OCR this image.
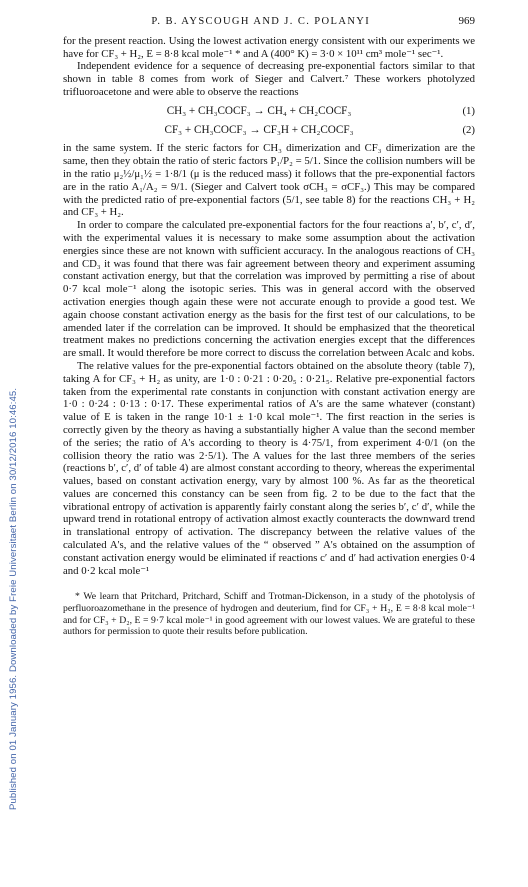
Published on 01 January 1956. Downloaded by Freie Universitaet Berlin on 30/12/2016 10:46:45.
P. B. AYSCOUGH AND J. C. POLANYI	969

for the present reaction. Using the lowest activation energy consistent with our experiments we have for CF₃ + H₂, E = 8·8 kcal mole⁻¹ * and A (400° K) = 3·0 × 10¹¹ cm³ mole⁻¹ sec⁻¹.

Independent evidence for a sequence of decreasing pre-exponential factors similar to that shown in table 8 comes from work of Sieger and Calvert.⁷ These workers photolyzed trifluoroacetone and were able to observe the reactions

CH₃ + CH₃COCF₃ → CH₄ + CH₂COCF₃	(1)
CF₃ + CH₃COCF₃ → CF₃H + CH₂COCF₃	(2)

in the same system. If the steric factors for CH₃ dimerization and CF₃ dimerization are the same, then they obtain the ratio of steric factors P₁/P₂ = 5/1. Since the collision numbers will be in the ratio μ₂½/μ₁½ = 1·8/1 (μ is the reduced mass) it follows that the pre-exponential factors are in the ratio A₁/A₂ = 9/1. (Sieger and Calvert took σCH₃ = σCF₃.) This may be compared with the predicted ratio of pre-exponential factors (5/1, see table 8) for the reactions CH₃ + H₂ and CF₃ + H₂.

In order to compare the calculated pre-exponential factors for the four reactions a′, b′, c′, d′, with the experimental values it is necessary to make some assumption about the activation energies since these are not known with sufficient accuracy. In the analogous reactions of CH₃ and CD₃ it was found that there was fair agreement between theory and experiment assuming constant activation energy, but that the correlation was improved by permitting a rise of about 0·7 kcal mole⁻¹ along the isotopic series. This was in general accord with the observed activation energies though again these were not accurate enough to provide a good test. We again choose constant activation energy as the basis for the first test of our calculations, to be amended later if the correlation can be improved. It should be emphasized that the theoretical treatment makes no predictions concerning the activation energies except that the differences are small. It would therefore be more correct to discuss the correlation between Acalc and kobs.

The relative values for the pre-exponential factors obtained on the absolute theory (table 7), taking A for CF₃ + H₂ as unity, are 1·0 : 0·21 : 0·20₅ : 0·21₅. Relative pre-exponential factors taken from the experimental rate constants in conjunction with constant activation energy are 1·0 : 0·24 : 0·13 : 0·17. These experimental ratios of A's are the same whatever (constant) value of E is taken in the range 10·1 ± 1·0 kcal mole⁻¹. The first reaction in the series is correctly given by the theory as having a substantially higher A value than the second member of the series; the ratio of A's according to theory is 4·75/1, from experiment 4·0/1 (on the collision theory the ratio was 2·5/1). The A values for the last three members of the series (reactions b′, c′, d′ of table 4) are almost constant according to theory, whereas the experimental values, based on constant activation energy, vary by almost 100 %. As far as the theoretical values are concerned this constancy can be seen from fig. 2 to be due to the fact that the vibrational entropy of activation is apparently fairly constant along the series b′, c′ d′, while the upward trend in rotational entropy of activation almost exactly counteracts the downward trend in translational entropy of activation. The discrepancy between the relative values of the calculated A's, and the relative values of the “ observed ” A's obtained on the assumption of constant activation energy would be eliminated if reactions c′ and d′ had activation energies 0·4 and 0·2 kcal mole⁻¹

* We learn that Pritchard, Pritchard, Schiff and Trotman-Dickenson, in a study of the photolysis of perfluoroazomethane in the presence of hydrogen and deuterium, find for CF₃ + H₂, E = 8·8 kcal mole⁻¹ and for CF₃ + D₂, E = 9·7 kcal mole⁻¹ in good agreement with our lowest values. We are grateful to these authors for permission to quote their results before publication.
